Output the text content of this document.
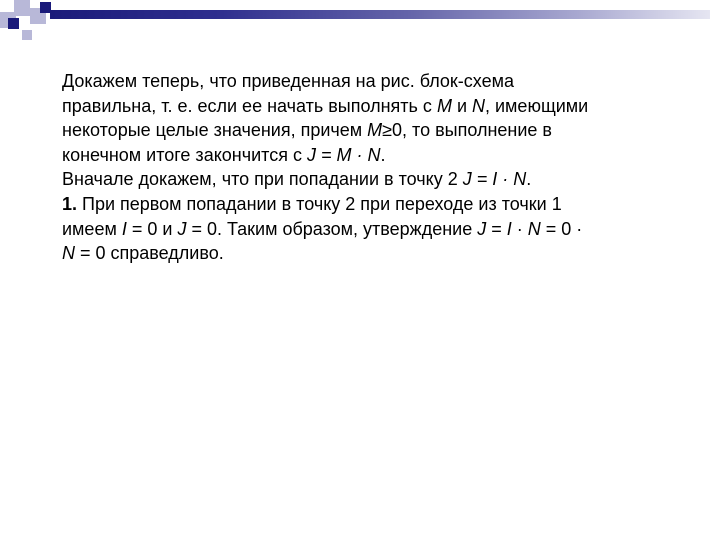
Докажем теперь, что приведенная на рис. блок-схема
правильна, т. е. если ее начать выполнять с M и N, имеющими
некоторые целые значения, причем M≥0, то выполнение в
конечном итоге закончится с J = M · N.

Вначале докажем, что при попадании в точку 2 J = I · N.

1. При первом попадании в точку 2 при переходе из точки 1
имеем I = 0 и J = 0. Таким образом, утверждение J = I · N = 0 ·
N = 0 справедливо.
